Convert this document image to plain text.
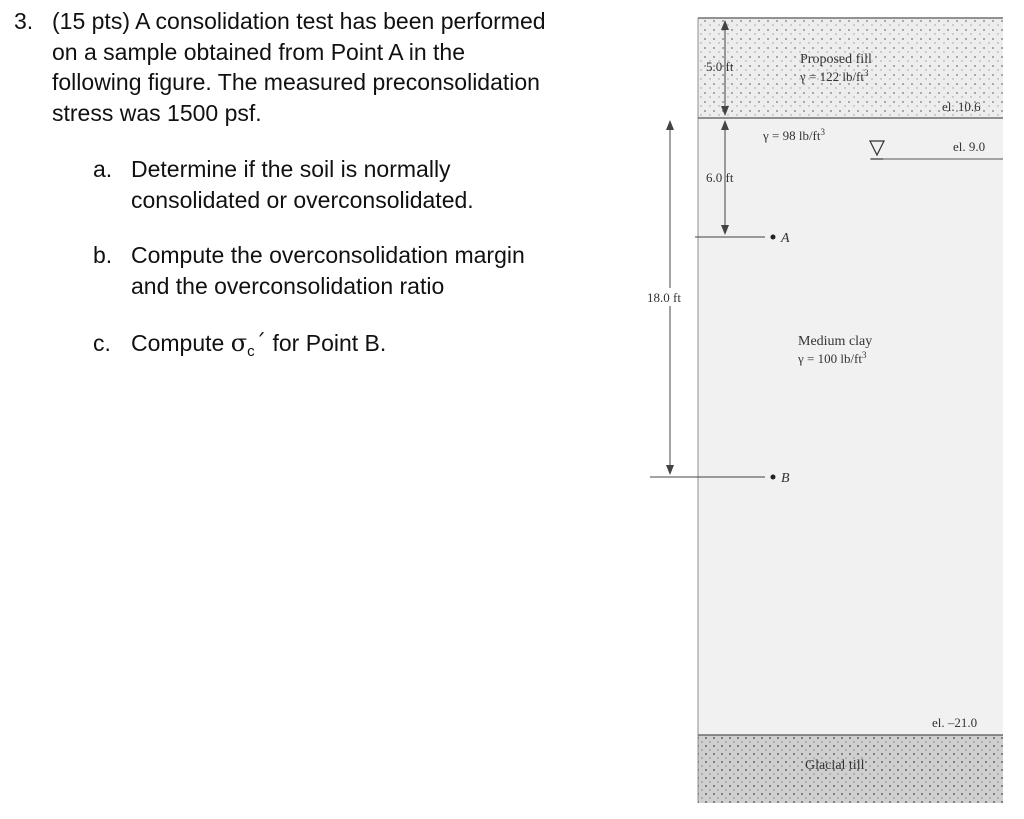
3. (15 pts) A consolidation test has been performed
on a sample obtained from Point A in the
following figure. The measured preconsolidation
stress was 1500 psf.
a. Determine if the soil is normally
consolidated or overconsolidated.
b. Compute the overconsolidation margin
and the overconsolidation ratio
c. Compute $\sigma_c´$ for Point B.
5.0 ft
6.0 ft
A
18.0 ft
B
Proposed fill
γ = 122 $lb/ft^3$
el. 10.6
γ = 98 $lb/ft^3$
el. 9.0
Medium clay
γ = 100 $lb/ft^3$
el. –21.0
Glacial till
